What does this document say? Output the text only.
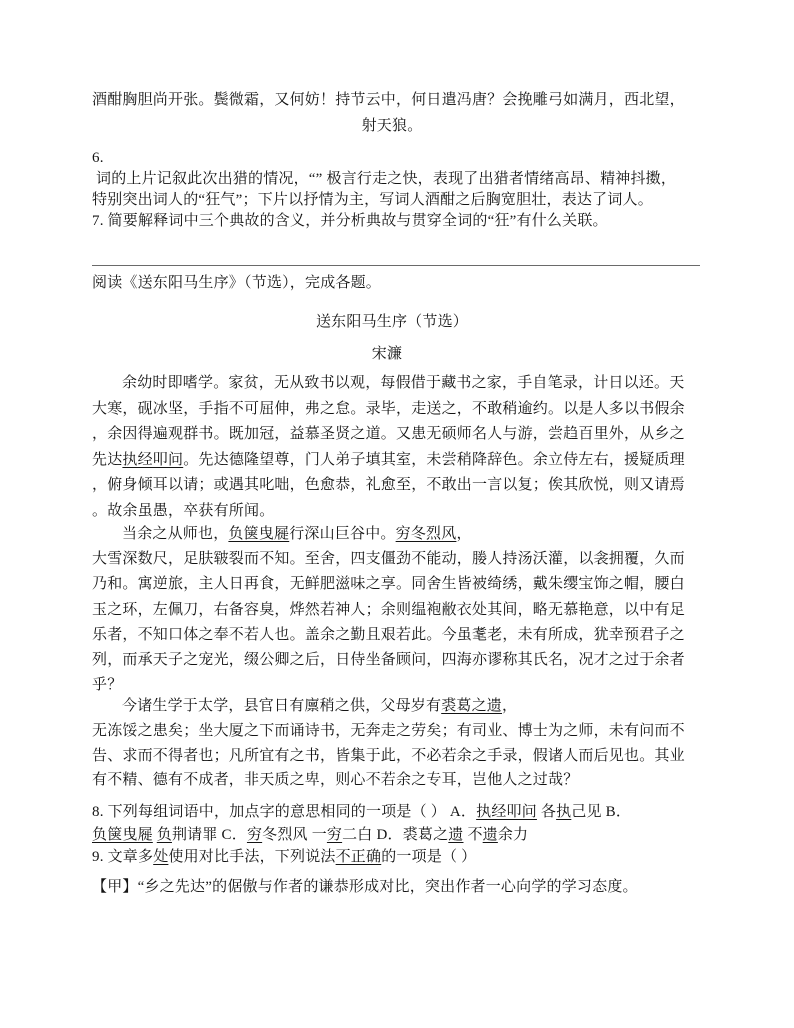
酒酣胸胆尚开张。鬓微霜，又何妨！持节云中，何日遣冯唐？会挽雕弓如满月，西北望，
射天狼。
6.
词的上片记叙此次出猎的情况，“” 极言行走之快，表现了出猎者情绪高昂、精神抖擞，
特别突出词人的“狂气”；下片以抒情为主，写词人酒酣之后胸宽胆壮，表达了词人。
7. 简要解释词中三个典故的含义，并分析典故与贯穿全词的“狂”有什么关联。
阅读《送东阳马生序》（节选），完成各题。
送东阳马生序（节选）
宋濂
余幼时即嗜学。家贫，无从致书以观，每假借于藏书之家，手自笔录，计日以还。天
大寒，砚冰坚，手指不可屈伸，弗之怠。录毕，走送之，不敢稍逾约。以是人多以书假余
，余因得遍观群书。既加冠，益慕圣贤之道。又患无硕师名人与游，尝趋百里外，从乡之
先达执经叩问。先达德隆望尊，门人弟子填其室，未尝稍降辞色。余立侍左右，援疑质理
，俯身倾耳以请；或遇其叱咄，色愈恭，礼愈至，不敢出一言以复；俟其欣悦，则又请焉
。故余虽愚，卒获有所闻。
当余之从师也，负箧曳屣行深山巨谷中。穷冬烈风，
大雪深数尺，足肤皲裂而不知。至舍，四支僵劲不能动，媵人持汤沃灌，以衾拥覆，久而
乃和。寓逆旅，主人日再食，无鲜肥滋味之享。同舍生皆被绮绣，戴朱缨宝饰之帽，腰白
玉之环，左佩刀，右备容臭，烨然若神人；余则缊袍敝衣处其间，略无慕艳意，以中有足
乐者，不知口体之奉不若人也。盖余之勤且艰若此。今虽耄老，未有所成，犹幸预君子之
列，而承天子之宠光，缀公卿之后，日侍坐备顾问，四海亦谬称其氏名，况才之过于余者
乎？
今诸生学于太学，县官日有廪稍之供，父母岁有裘葛之遗，
无冻馁之患矣；坐大厦之下而诵诗书，无奔走之劳矣；有司业、博士为之师，未有问而不
告、求而不得者也；凡所宜有之书，皆集于此，不必若余之手录，假诸人而后见也。其业
有不精、德有不成者，非天质之卑，则心不若余之专耳，岂他人之过哉？
8. 下列每组词语中，加点字的意思相同的一项是（ ） A．执经叩问 各执己见 B．
负箧曳屣 负荆请罪 C．穷冬烈风 一穷二白 D．裘葛之遗 不遗余力
9. 文章多处使用对比手法，下列说法不正确的一项是（ ）
【甲】“乡之先达”的倨傲与作者的谦恭形成对比，突出作者一心向学的学习态度。
